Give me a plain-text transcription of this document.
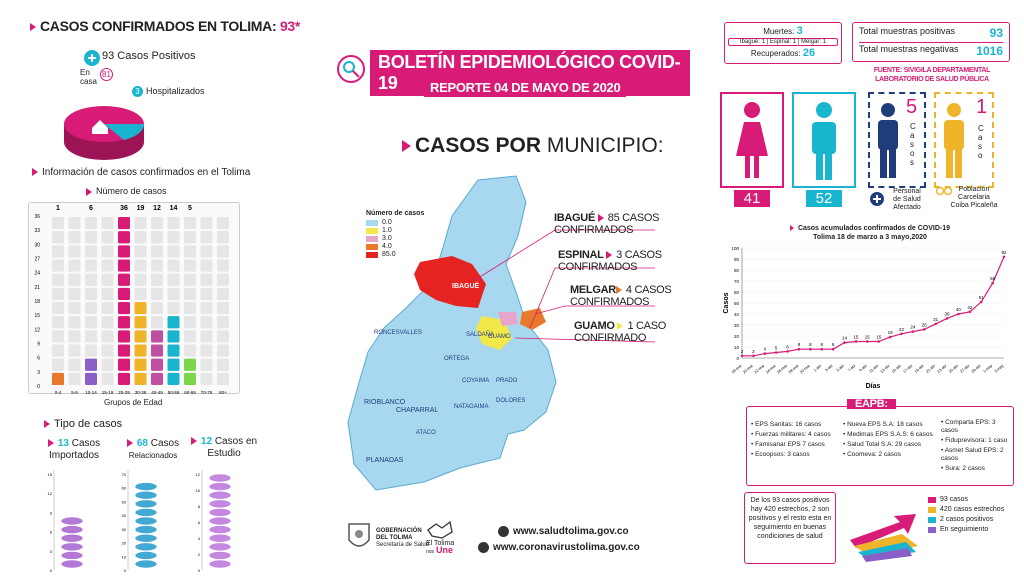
CASOS CONFIRMADOS EN TOLIMA: 93*
93 Casos Positivos
En casa
81
3 Hospitalizados
Información de casos confirmados en el Tolima
Número de casos
0
3
6
9
12
15
18
21
24
27
30
33
36
0-4
1
5-9 10-14
6
15-19 20-29
36
30-39
19
40-49
12
50-59
14
60-69
5
70-79 80+
Grupos de Edad
Tipo de casos
13 Casos
Importados
68 Casos
Relacionados
12 Casos en
Estudio
0
3
6
9
12
15
0
10
20
30
40
50
60
70
0
2
4
6
8
10
12
BOLETÍN EPIDEMIOLÓGICO COVID- 19	REPORTE 04 DE MAYO DE 2020
CASOS POR MUNICIPIO:
Número de casos
0.0
1.0
3.0
4.0
85.0
IBAGUÉ
GUAMO
CHAPARRAL
RIOBLANCO
PLANADAS
ATACO
ORTEGA
COYAIMA
NATAGAIMA
PRADO
DOLORES
RONCESVALLES	SALDAÑA
IBAGUÉ 85 CASOS
CONFIRMADOS
ESPINAL 3 CASOS
CONFIRMADOS
MELGAR 4 CASOS
CONFIRMADOS
GUAMO 1 CASO
CONFIRMADO
Muertes: 3
Ibagué: 1 | Espinal: 1 | Melgar: 1
Recuperados: 26
Total muestras positivas	93
Total muestras negativas 1016
FUENTE: SIVIGILA DEPARTAMENTAL
LABORATORIO DE SALUD PÚBLICA
41	52
5
Casos
Personal
de Salud
Afectado
1
Caso
Población
Carcelaria
Coiba Picaleña
Casos acumulados confirmados de COVID-19
Tolima 18 de marzo a 3 mayo,2020
0
10
20
30
40
50
60
70
80
90
100
2
18-mar
2
20-mar
4
22-mar
5
24-mar
6
26-mar
8
28-mar
8
30-mar
8
1-abr
8
3-abr
14
5-abr
15
7-abr
15
9-abr
15
11-abr
19
13-abr
22
15-abr
24
17-abr
26
19-abr
31
21-abr
36
23-abr
40
25-abr
42
27-abr
51
29-abr
68
1-may
92
3-may
Casos
Días
EAPB:
• EPS Sanitas: 16 casos
• Fuerzas militares: 4 casos
• Famisanar EPS 7 casos
• Ecoopsos: 3 casos
• Nueva EPS S.A: 18 casos
• Medimas EPS S.A.S: 6 casos
• Salud Total S.A: 29 casos
• Coomeva: 2 casos
• Compartа EPS: 3 casos
• Fiduprevisora: 1 caso
• Asmet Salud EPS: 2 casos
• Sura: 2 casos
De los 93 casos positivos hay 420 estrechos, 2 son positivos y el resto esta en seguimiento en buenas condiciones de salud
93 casos
420 casos estrechos
2 casos positivos
En seguimiento
GOBERNACIÓN
DEL TOLIMA
Secretaría de Salud
El Tolima
nos Une
www.saludtolima.gov.co
www.coronavirustolima.gov.co
